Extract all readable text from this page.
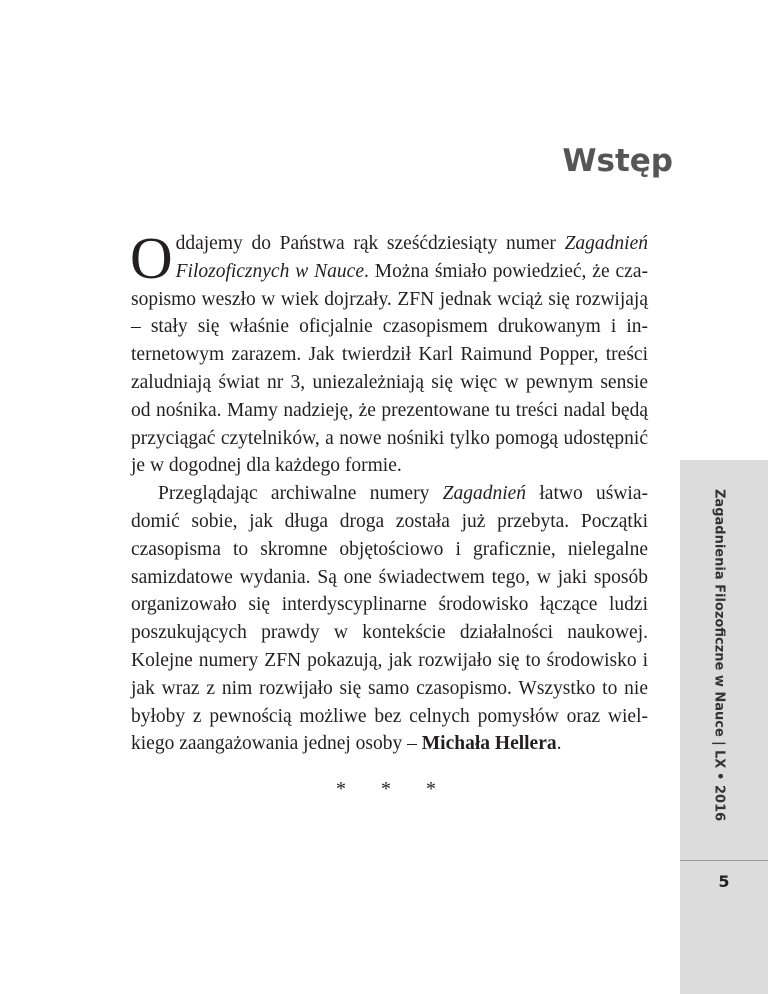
Wstęp

O ddajemy do Państwa rąk sześćdziesiąty numer Zagadnień Filozoficznych w Nauce. Można śmiało powiedzieć, że czasopismo weszło w wiek dojrzały. ZFN jednak wciąż się rozwijają – stały się właśnie oficjalnie czasopismem drukowanym i internetowym zarazem. Jak twierdził Karl Raimund Popper, treści zaludniają świat nr 3, uniezależniają się więc w pewnym sensie od nośnika. Mamy nadzieję, że prezentowane tu treści nadal będą przyciągać czytelników, a nowe nośniki tylko pomogą udostępnić je w dogodnej dla każdego formie.

Przeglądając archiwalne numery Zagadnień łatwo uświadomić sobie, jak długa droga została już przebyta. Początki czasopisma to skromne objętościowo i graficznie, nielegalne samizdatowe wydania. Są one świadectwem tego, w jaki sposób organizowało się interdyscyplinarne środowisko łączące ludzi poszukujących prawdy w kontekście działalności naukowej. Kolejne numery ZFN pokazują, jak rozwijało się to środowisko i jak wraz z nim rozwijało się samo czasopismo. Wszystko to nie byłoby z pewnością możliwe bez celnych pomysłów oraz wielkiego zaangażowania jednej osoby – Michała Hellera.

* * *
Zagadnienia Filozoficzne w Nauce
|
LX
•
2016
5
